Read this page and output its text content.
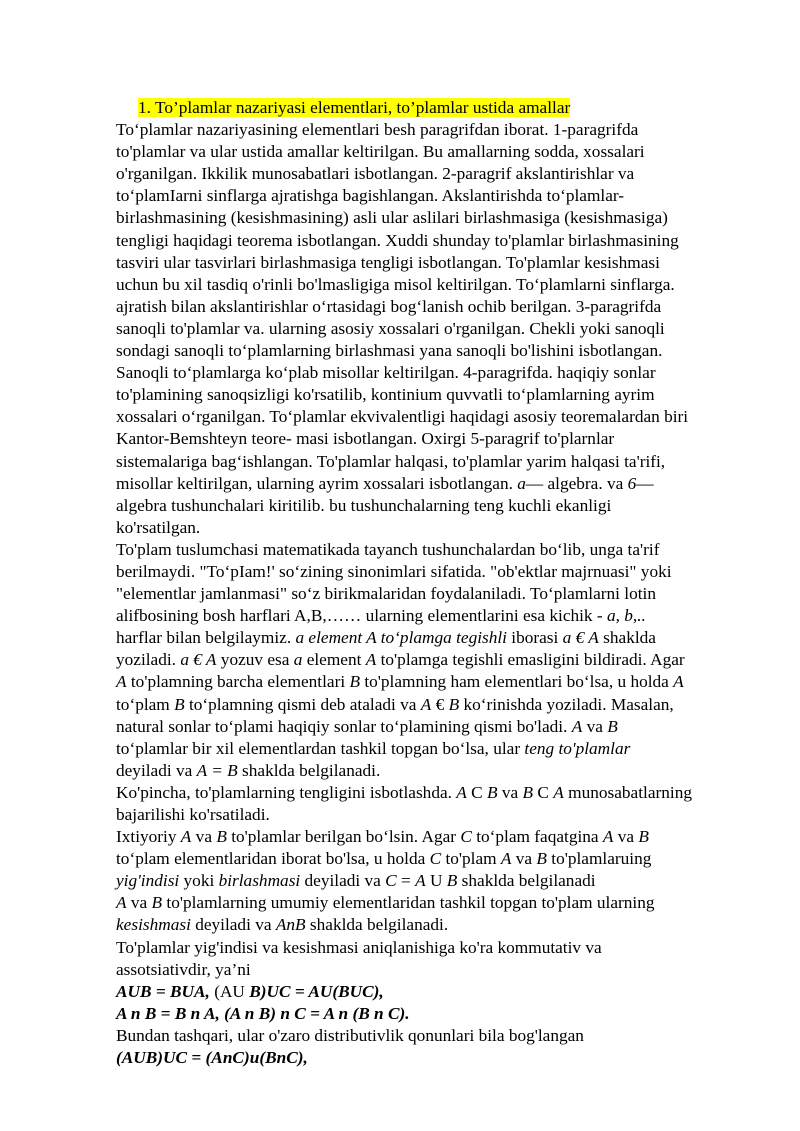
1. To’plamlar nazariyasi elementlari, to’plamlar ustida amallar
To‘plamlar nazariyasining elementlari besh paragrifdan iborat. 1-paragrifda
to'plamlar va ular ustida amallar keltirilgan. Bu amallarning sodda, xossalari
o'rganilgan. Ikkilik munosabatlari isbotlangan. 2-paragrif akslantirishlar va
to‘plamIarni sinflarga ajratishga bagishlangan. Akslantirishda to‘plamlar-
birlashmasining (kesishmasining) asli ular aslilari birlashmasiga (kesishmasiga)
tengligi haqidagi teorema isbotlangan. Xuddi shunday to'plamlar birlashmasining
tasviri ular tasvirlari birlashmasiga tengligi isbotlangan. To'plamlar kesishmasi
uchun bu xil tasdiq o'rinli bo'lmasligiga misol keltirilgan. To‘plamlarni sinflarga.
ajratish bilan akslantirishlar o‘rtasidagi bog‘lanish ochib berilgan. 3-paragrifda
sanoqli to'plamlar va. ularning asosiy xossalari o'rganilgan. Chekli yoki sanoqli
sondagi sanoqli to‘plamlarning birlashmasi yana sanoqli bo'lishini isbotlangan.
Sanoqli to‘plamlarga ko‘plab misollar keltirilgan. 4-paragrifda. haqiqiy sonlar
to'plamining sanoqsizligi ko'rsatilib, kontinium quvvatli to‘plamlarning ayrim
xossalari o‘rganilgan. To‘plamlar ekvivalentligi haqidagi asosiy teoremalardan biri
Kantor-Bemshteyn teore- masi isbotlangan. Oxirgi 5-paragrif to'plarnlar
sistemalariga bag‘ishlangan. To'plamlar halqasi, to'plamlar yarim halqasi ta'rifi,
misollar keltirilgan, ularning ayrim xossalari isbotlangan. a— algebra. va 6—
algebra tushunchalari kiritilib. bu tushunchalarning teng kuchli ekanligi
ko'rsatilgan.
To'plam tuslumchasi matematikada tayanch tushunchalardan bo‘lib, unga ta'rif
berilmaydi. "To‘pIam!' so‘zining sinonimlari sifatida. "ob'ektlar majrnuasi" yoki
"elementlar jamlanmasi" so‘z birikmalaridan foydalaniladi. To‘plamlarni lotin
alifbosining bosh harflari A,B,…… ularning elementlarini esa kichik - a, b,..
harflar bilan belgilaymiz. a element A to‘plamga tegishli iborasi a € A shaklda
yoziladi. a € A yozuv esa a element A to'plamga tegishli emasligini bildiradi. Agar
A to'plamning barcha elementlari B to'plamning ham elementlari bo‘lsa, u holda A
to‘plam B to‘plamning qismi deb ataladi va A € B ko‘rinishda yoziladi. Masalan,
natural sonlar to‘plami haqiqiy sonlar to‘plamining qismi bo'ladi. A va B
to‘plamlar bir xil elementlardan tashkil topgan bo‘lsa, ular teng to'plamlar
deyiladi va A = B shaklda belgilanadi.
Ko'pincha, to'plamlarning tengligini isbotlashda. A C B va B C A munosabatlarning
bajarilishi ko'rsatiladi.
Ixtiyoriy A va B to'plamlar berilgan bo‘lsin. Agar C to‘plam faqatgina A va B
to‘plam elementlaridan iborat bo'lsa, u holda C to'plam A va B to'plamlaruing
yig'indisi yoki birlashmasi deyiladi va C = A U B shaklda belgilanadi
A va B to'plamlarning umumiy elementlaridan tashkil topgan to'plam ularning
kesishmasi deyiladi va AnB shaklda belgilanadi.
To'plamlar yig'indisi va kesishmasi aniqlanishiga ko'ra kommutativ va
assotsiativdir, ya’ni
AUB = BUA, (AU B)UC = AU(BUC),
A n B = B n A, (A n B) n C = A n (B n C).
Bundan tashqari, ular o'zaro distributivlik qonunlari bila bog'langan
(AUB)UC = (AnC)u(BnC),
